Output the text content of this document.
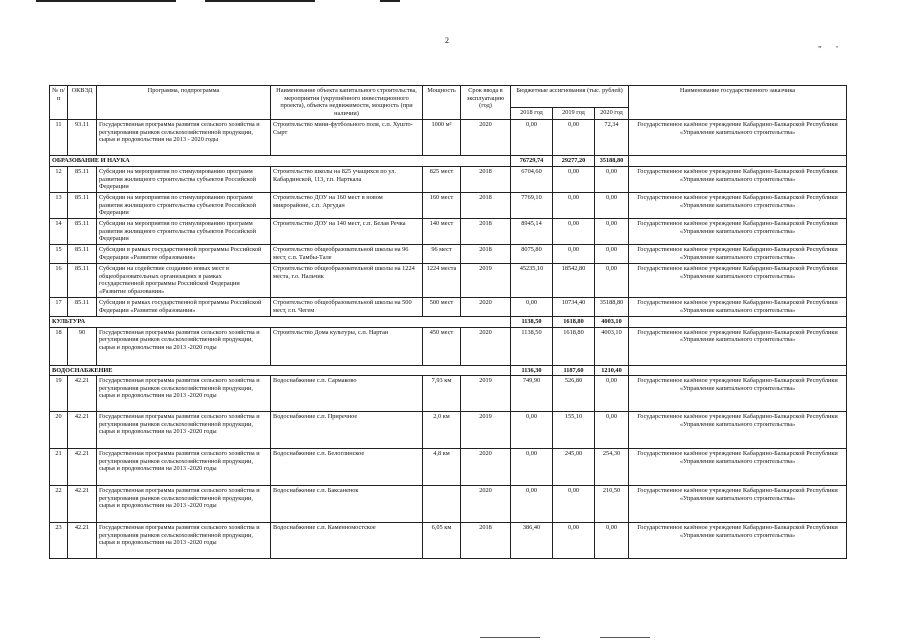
2	„‚
№ п/п	ОКВЭД	Программа, подпрограмма	Наименование объекта капитального строительства, мероприятия (укрупнённого инвестиционного проекта), объекта недвижимости, мощность (при наличии)	Мощность	Срок ввода в эксплуатацию (год)	Бюджетные ассигнования (тыс. рублей)			Наименование государственного заказчика
						2018 год	2019 год	2020 год	
11	93.11	Государственная программа развития сельского хозяйства и регулирования рынков сельскохозяйственной продукции, сырья и продовольствия на 2013 - 2020 годы	Строительство мини-футбольного поля, с.п. Хушто-Сырт	1000 м²	2020	0,00	0,00	72,34	Государственное казённое учреждение Кабардино-Балкарской Республики «Управление капитального строительства»
ОБРАЗОВАНИЕ И НАУКА						76729,74	29277,20	35188,80	
12	85.11	Субсидии на мероприятия по стимулированию программ развития жилищного строительства субъектов Российской Федерации	Строительство школы на 825 учащихся по ул. Кабардинской, 113, г.п. Нарткала	825 мест	2018	6704,60	0,00	0,00	Государственное казённое учреждение Кабардино-Балкарской Республики «Управление капитального строительства»
13	85.11	Субсидии на мероприятия по стимулированию программ развития жилищного строительства субъектов Российской Федерации	Строительство ДОУ на 160 мест в новом микрорайоне, с.п. Аргудан	160 мест	2018	7769,10	0,00	0,00	Государственное казённое учреждение Кабардино-Балкарской Республики «Управление капитального строительства»
14	85.11	Субсидии на мероприятия по стимулированию программ развития жилищного строительства субъектов Российской Федерации	Строительство ДОУ на 140 мест, с.п. Белая Речка	140 мест	2018	8945,14	0,00	0,00	Государственное казённое учреждение Кабардино-Балкарской Республики «Управление капитального строительства»
15	85.11	Субсидии в рамках государственной программы Российской Федерации «Развитие образования»	Строительство общеобразовательной школы на 96 мест, с.п. Тамбы-Тале	96 мест	2018	8075,80	0,00	0,00	Государственное казённое учреждение Кабардино-Балкарской Республики «Управление капитального строительства»
16	85.11	Субсидии на содействие созданию новых мест в общеобразовательных организациях в рамках государственной программы Российской Федерации «Развитие образования»	Строительство общеобразовательной школы на 1224 места, г.о. Нальчик	1224 места	2019	45235,10	18542,80	0,00	Государственное казённое учреждение Кабардино-Балкарской Республики «Управление капитального строительства»
17	85.11	Субсидии в рамках государственной программы Российской Федерации «Развитие образования»	Строительство общеобразовательной школы на 500 мест, г.п. Чегем	500 мест	2020	0,00	10734,40	35188,80	Государственное казённое учреждение Кабардино-Балкарской Республики «Управление капитального строительства»
КУЛЬТУРА						1138,50	1618,80	4003,10	
18	90	Государственная программа развития сельского хозяйства и регулирования рынков сельскохозяйственной продукции, сырья и продовольствия на 2013 -2020 годы	Строительство Дома культуры, с.п. Нартан	450 мест	2020	1138,50	1618,80	4003,10	Государственное казённое учреждение Кабардино-Балкарской Республики «Управление капитального строительства»
ВОДОСНАБЖЕНИЕ						1136,30	1187,60	1210,40	
19	42.21	Государственная программа развития сельского хозяйства и регулирования рынков сельскохозяйственной продукции, сырья и продовольствия на 2013 -2020 годы	Водоснабжение с.п. Сармаково	7,93 км	2019	749,90	526,80	0,00	Государственное казённое учреждение Кабардино-Балкарской Республики «Управление капитального строительства»
20	42.21	Государственная программа развития сельского хозяйства и регулирования рынков сельскохозяйственной продукции, сырья и продовольствия на 2013 -2020 годы	Водоснабжение с.п. Приречное	2,0 км	2019	0,00	155,10	0,00	Государственное казённое учреждение Кабардино-Балкарской Республики «Управление капитального строительства»
21	42.21	Государственная программа развития сельского хозяйства и регулирования рынков сельскохозяйственной продукции, сырья и продовольствия на 2013 -2020 годы	Водоснабжение с.п. Белоглинское	4,8 км	2020	0,00	245,00	254,30	Государственное казённое учреждение Кабардино-Балкарской Республики «Управление капитального строительства»
22	42.21	Государственная программа развития сельского хозяйства и регулирования рынков сельскохозяйственной продукции, сырья и продовольствия на 2013 -2020 годы	Водоснабжение с.п. Баксаненок		2020	0,00	0,00	210,50	Государственное казённое учреждение Кабардино-Балкарской Республики «Управление капитального строительства»
23	42.21	Государственная программа развития сельского хозяйства и регулирования рынков сельскохозяйственной продукции, сырья и продовольствия на 2013 -2020 годы	Водоснабжение с.п. Каменномостское	6,05 км	2018	386,40	0,00	0,00	Государственное казённое учреждение Кабардино-Балкарской Республики «Управление капитального строительства»
